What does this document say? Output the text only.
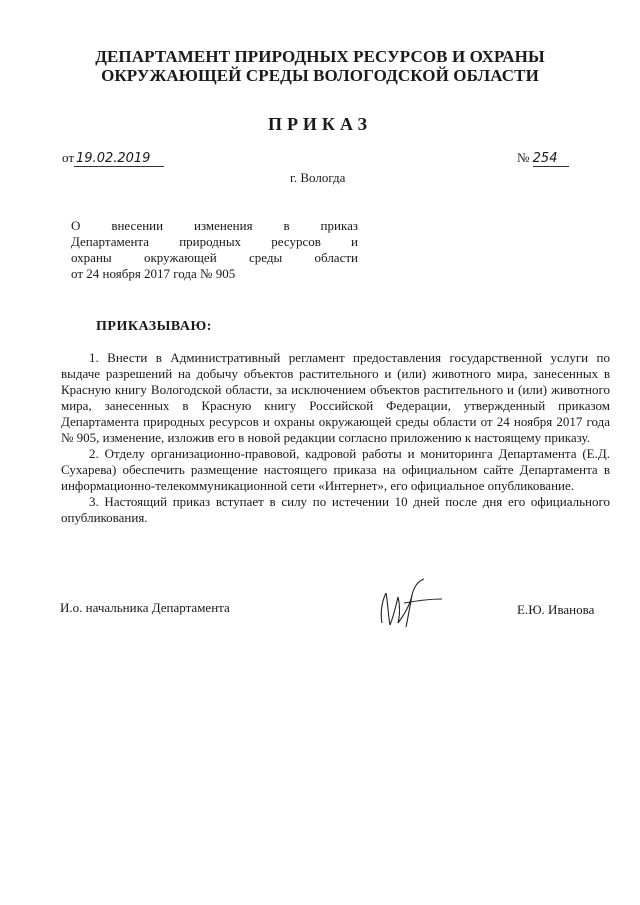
ДЕПАРТАМЕНТ ПРИРОДНЫХ РЕСУРСОВ И ОХРАНЫ
ОКРУЖАЮЩЕЙ СРЕДЫ ВОЛОГОДСКОЙ ОБЛАСТИ
ПРИКАЗ
от 19.02.2019	№ 254
г. Вологда
О внесении изменения в приказ
Департамента природных ресурсов и
охраны окружающей среды области
от 24 ноября 2017 года № 905
ПРИКАЗЫВАЮ:

1. Внести в Административный регламент предоставления государственной услуги по выдаче разрешений на добычу объектов растительного и (или) животного мира, занесенных в Красную книгу Вологодской области, за исключением объектов растительного и (или) животного мира, занесенных в Красную книгу Российской Федерации, утвержденный приказом Департамента природных ресурсов и охраны окружающей среды области от 24 ноября 2017 года № 905, изменение, изложив его в новой редакции согласно приложению к настоящему приказу.

2. Отделу организационно-правовой, кадровой работы и мониторинга Департамента (Е.Д. Сухарева) обеспечить размещение настоящего приказа на официальном сайте Департамента в информационно-телекоммуникационной сети «Интернет», его официальное опубликование.

3. Настоящий приказ вступает в силу по истечении 10 дней после дня его официального опубликования.

И.о. начальника Департамента	Е.Ю. Иванова
